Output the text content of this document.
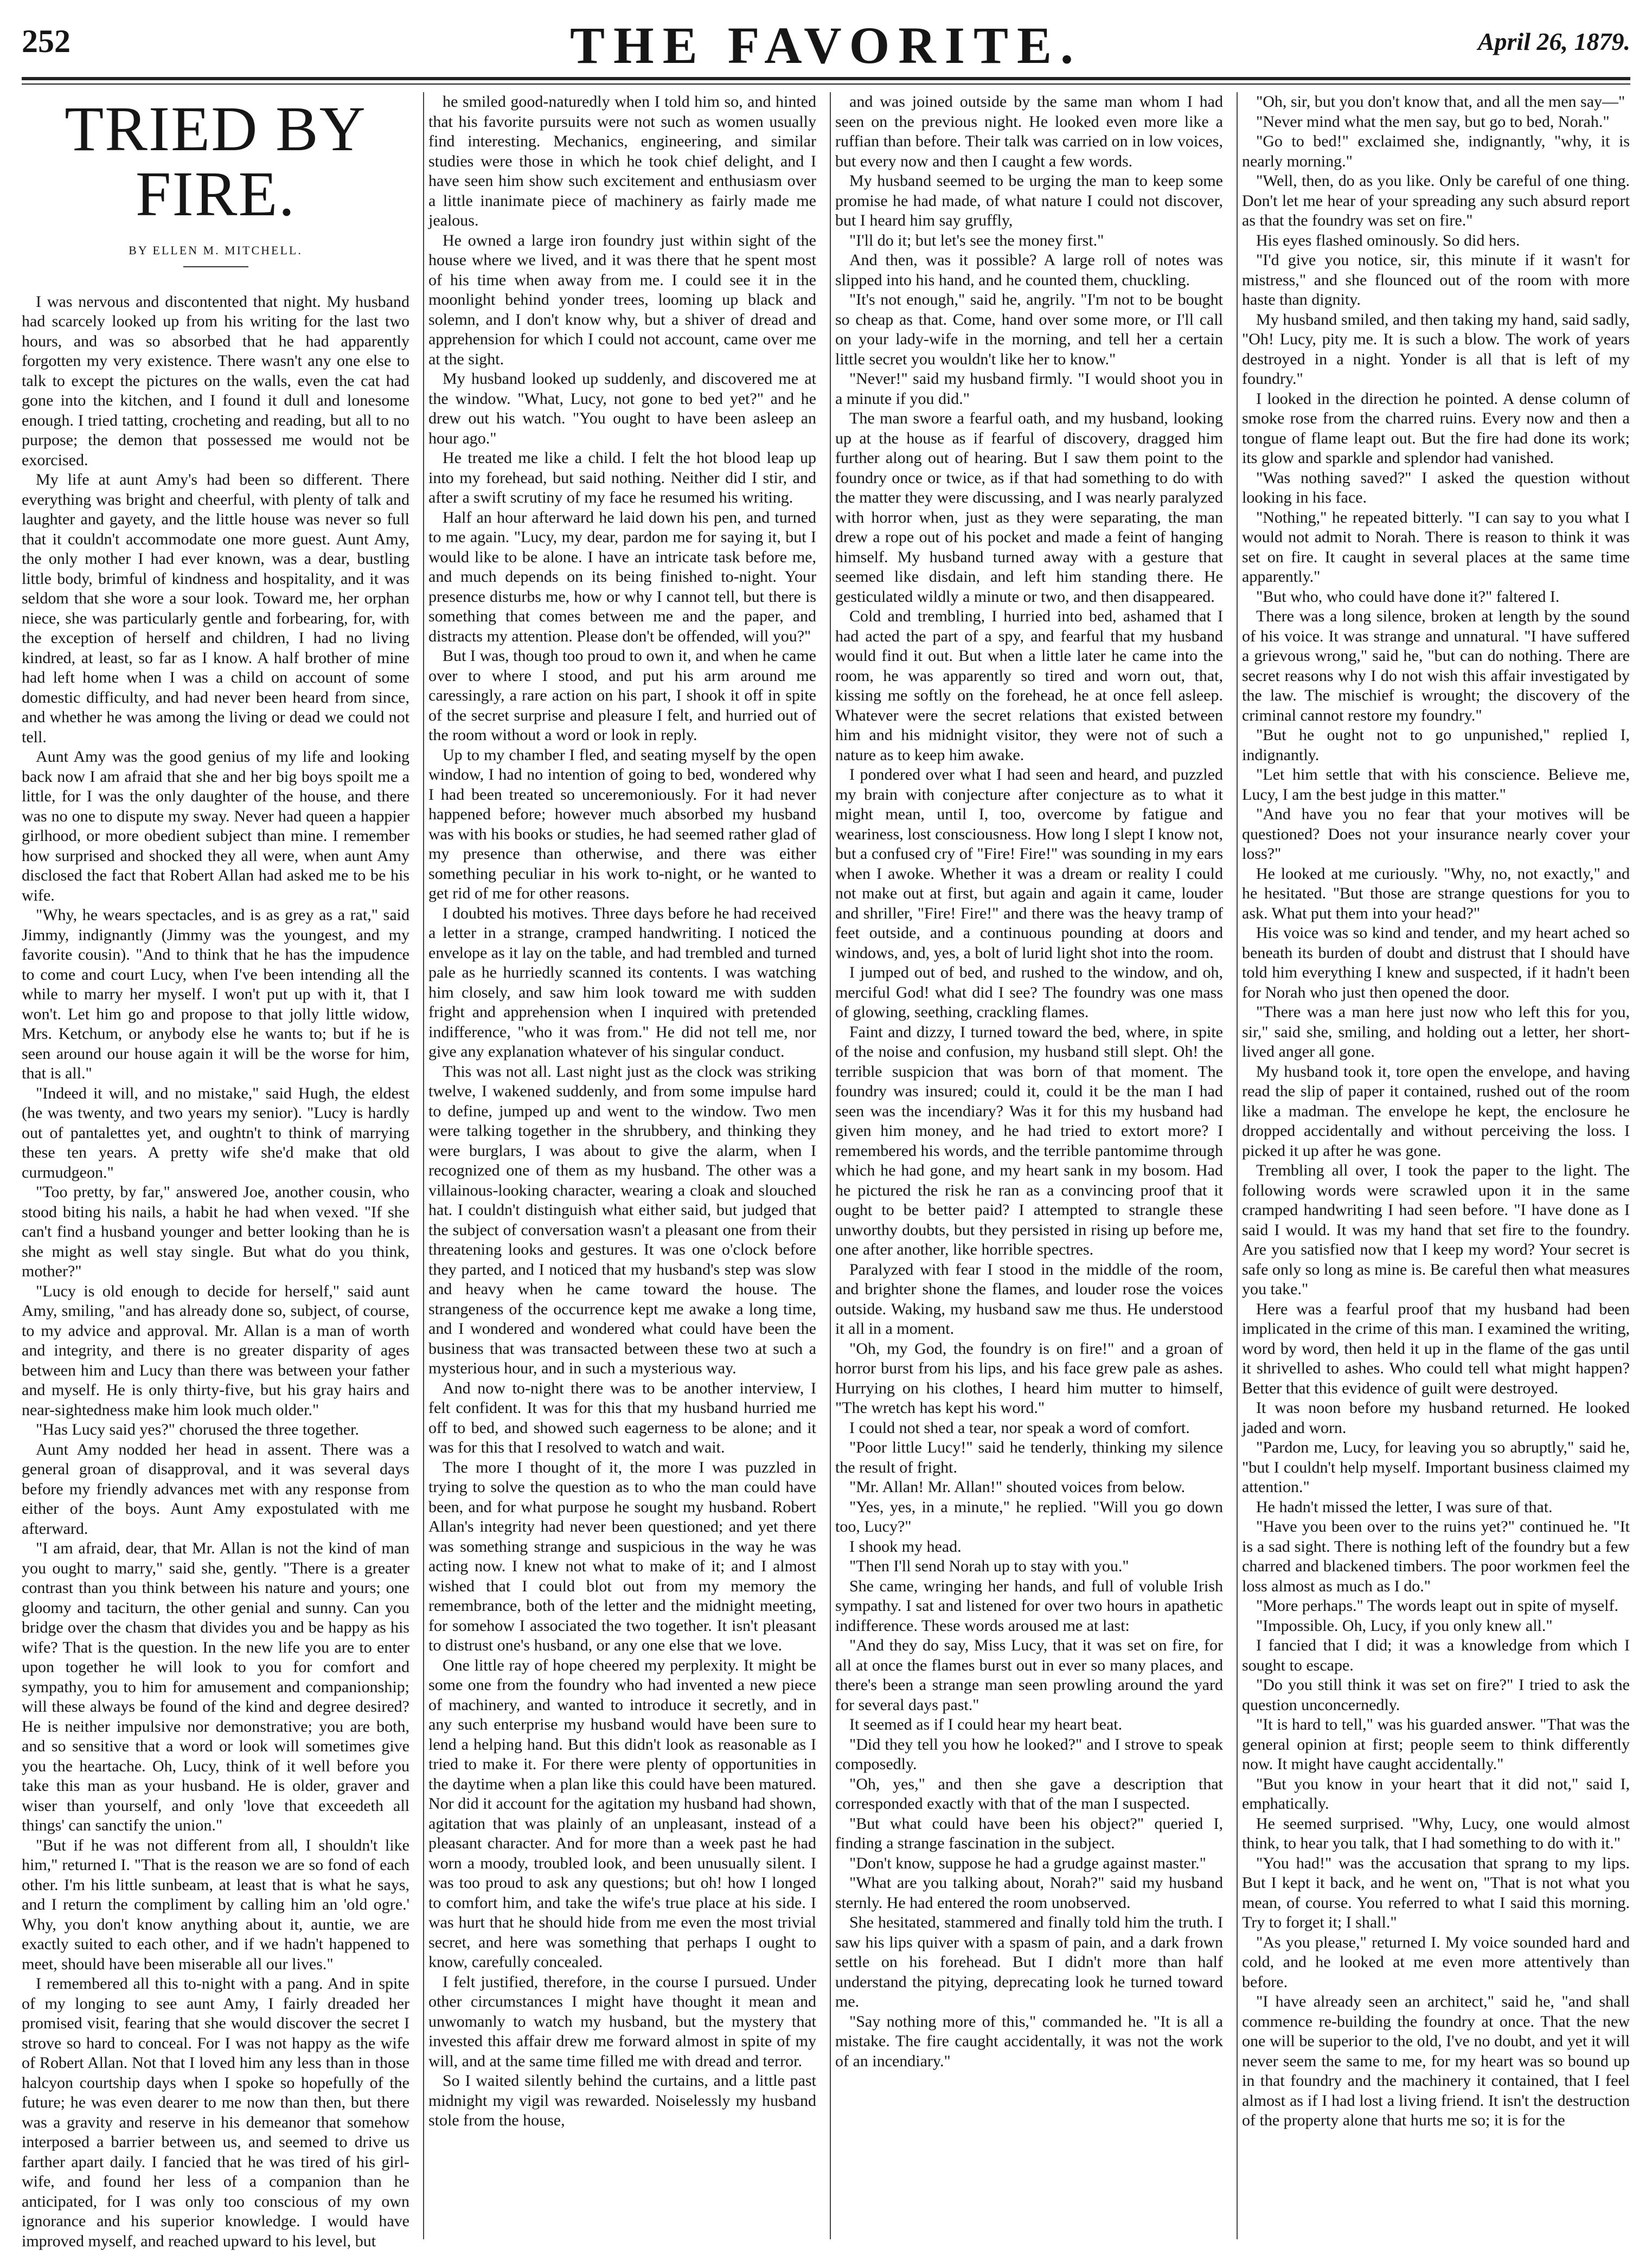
252	THE FAVORITE.	April 26, 1879.
TRIED BY FIRE.
BY ELLEN M. MITCHELL.

I was nervous and discontented that night. My husband had scarcely looked up from his writing for the last two hours, and was so absorbed that he had apparently forgotten my very existence. There wasn't any one else to talk to except the pictures on the walls, even the cat had gone into the kitchen, and I found it dull and lonesome enough. I tried tatting, crocheting and reading, but all to no purpose; the demon that possessed me would not be exorcised.

My life at aunt Amy's had been so different. There everything was bright and cheerful, with plenty of talk and laughter and gayety, and the little house was never so full that it couldn't accommodate one more guest. Aunt Amy, the only mother I had ever known, was a dear, bustling little body, brimful of kindness and hospitality, and it was seldom that she wore a sour look. Toward me, her orphan niece, she was particularly gentle and forbearing, for, with the exception of herself and children, I had no living kindred, at least, so far as I know. A half brother of mine had left home when I was a child on account of some domestic difficulty, and had never been heard from since, and whether he was among the living or dead we could not tell.

Aunt Amy was the good genius of my life and looking back now I am afraid that she and her big boys spoilt me a little, for I was the only daughter of the house, and there was no one to dispute my sway. Never had queen a happier girlhood, or more obedient subject than mine. I remember how surprised and shocked they all were, when aunt Amy disclosed the fact that Robert Allan had asked me to be his wife.

"Why, he wears spectacles, and is as grey as a rat," said Jimmy, indignantly (Jimmy was the youngest, and my favorite cousin). "And to think that he has the impudence to come and court Lucy, when I've been intending all the while to marry her myself. I won't put up with it, that I won't. Let him go and propose to that jolly little widow, Mrs. Ketchum, or anybody else he wants to; but if he is seen around our house again it will be the worse for him, that is all."

"Indeed it will, and no mistake," said Hugh, the eldest (he was twenty, and two years my senior). "Lucy is hardly out of pantalettes yet, and oughtn't to think of marrying these ten years. A pretty wife she'd make that old curmudgeon."

"Too pretty, by far," answered Joe, another cousin, who stood biting his nails, a habit he had when vexed. "If she can't find a husband younger and better looking than he is she might as well stay single. But what do you think, mother?"

"Lucy is old enough to decide for herself," said aunt Amy, smiling, "and has already done so, subject, of course, to my advice and approval. Mr. Allan is a man of worth and integrity, and there is no greater disparity of ages between him and Lucy than there was between your father and myself. He is only thirty-five, but his gray hairs and near-sightedness make him look much older."

"Has Lucy said yes?" chorused the three together.

Aunt Amy nodded her head in assent. There was a general groan of disapproval, and it was several days before my friendly advances met with any response from either of the boys. Aunt Amy expostulated with me afterward.

"I am afraid, dear, that Mr. Allan is not the kind of man you ought to marry," said she, gently. "There is a greater contrast than you think between his nature and yours; one gloomy and taciturn, the other genial and sunny. Can you bridge over the chasm that divides you and be happy as his wife? That is the question. In the new life you are to enter upon together he will look to you for comfort and sympathy, you to him for amusement and companionship; will these always be found of the kind and degree desired? He is neither impulsive nor demonstrative; you are both, and so sensitive that a word or look will sometimes give you the heartache. Oh, Lucy, think of it well before you take this man as your husband. He is older, graver and wiser than yourself, and only 'love that exceedeth all things' can sanctify the union."

"But if he was not different from all, I shouldn't like him," returned I. "That is the reason we are so fond of each other. I'm his little sunbeam, at least that is what he says, and I return the compliment by calling him an 'old ogre.' Why, you don't know anything about it, auntie, we are exactly suited to each other, and if we hadn't happened to meet, should have been miserable all our lives."

I remembered all this to-night with a pang. And in spite of my longing to see aunt Amy, I fairly dreaded her promised visit, fearing that she would discover the secret I strove so hard to conceal. For I was not happy as the wife of Robert Allan. Not that I loved him any less than in those halcyon courtship days when I spoke so hopefully of the future; he was even dearer to me now than then, but there was a gravity and reserve in his demeanor that somehow interposed a barrier between us, and seemed to drive us farther apart daily. I fancied that he was tired of his girl-wife, and found her less of a companion than he anticipated, for I was only too conscious of my own ignorance and his superior knowledge. I would have improved myself, and reached upward to his level, but

he smiled good-naturedly when I told him so, and hinted that his favorite pursuits were not such as women usually find interesting. Mechanics, engineering, and similar studies were those in which he took chief delight, and I have seen him show such excitement and enthusiasm over a little inanimate piece of machinery as fairly made me jealous.

He owned a large iron foundry just within sight of the house where we lived, and it was there that he spent most of his time when away from me. I could see it in the moonlight behind yonder trees, looming up black and solemn, and I don't know why, but a shiver of dread and apprehension for which I could not account, came over me at the sight.

My husband looked up suddenly, and discovered me at the window. "What, Lucy, not gone to bed yet?" and he drew out his watch. "You ought to have been asleep an hour ago."

He treated me like a child. I felt the hot blood leap up into my forehead, but said nothing. Neither did I stir, and after a swift scrutiny of my face he resumed his writing.

Half an hour afterward he laid down his pen, and turned to me again. "Lucy, my dear, pardon me for saying it, but I would like to be alone. I have an intricate task before me, and much depends on its being finished to-night. Your presence disturbs me, how or why I cannot tell, but there is something that comes between me and the paper, and distracts my attention. Please don't be offended, will you?"

But I was, though too proud to own it, and when he came over to where I stood, and put his arm around me caressingly, a rare action on his part, I shook it off in spite of the secret surprise and pleasure I felt, and hurried out of the room without a word or look in reply.

Up to my chamber I fled, and seating myself by the open window, I had no intention of going to bed, wondered why I had been treated so unceremoniously. For it had never happened before; however much absorbed my husband was with his books or studies, he had seemed rather glad of my presence than otherwise, and there was either something peculiar in his work to-night, or he wanted to get rid of me for other reasons.

I doubted his motives. Three days before he had received a letter in a strange, cramped handwriting. I noticed the envelope as it lay on the table, and had trembled and turned pale as he hurriedly scanned its contents. I was watching him closely, and saw him look toward me with sudden fright and apprehension when I inquired with pretended indifference, "who it was from." He did not tell me, nor give any explanation whatever of his singular conduct.

This was not all. Last night just as the clock was striking twelve, I wakened suddenly, and from some impulse hard to define, jumped up and went to the window. Two men were talking together in the shrubbery, and thinking they were burglars, I was about to give the alarm, when I recognized one of them as my husband. The other was a villainous-looking character, wearing a cloak and slouched hat. I couldn't distinguish what either said, but judged that the subject of conversation wasn't a pleasant one from their threatening looks and gestures. It was one o'clock before they parted, and I noticed that my husband's step was slow and heavy when he came toward the house. The strangeness of the occurrence kept me awake a long time, and I wondered and wondered what could have been the business that was transacted between these two at such a mysterious hour, and in such a mysterious way.

And now to-night there was to be another interview, I felt confident. It was for this that my husband hurried me off to bed, and showed such eagerness to be alone; and it was for this that I resolved to watch and wait.

The more I thought of it, the more I was puzzled in trying to solve the question as to who the man could have been, and for what purpose he sought my husband. Robert Allan's integrity had never been questioned; and yet there was something strange and suspicious in the way he was acting now. I knew not what to make of it; and I almost wished that I could blot out from my memory the remembrance, both of the letter and the midnight meeting, for somehow I associated the two together. It isn't pleasant to distrust one's husband, or any one else that we love.

One little ray of hope cheered my perplexity. It might be some one from the foundry who had invented a new piece of machinery, and wanted to introduce it secretly, and in any such enterprise my husband would have been sure to lend a helping hand. But this didn't look as reasonable as I tried to make it. For there were plenty of opportunities in the daytime when a plan like this could have been matured. Nor did it account for the agitation my husband had shown, agitation that was plainly of an unpleasant, instead of a pleasant character. And for more than a week past he had worn a moody, troubled look, and been unusually silent. I was too proud to ask any questions; but oh! how I longed to comfort him, and take the wife's true place at his side. I was hurt that he should hide from me even the most trivial secret, and here was something that perhaps I ought to know, carefully concealed.

I felt justified, therefore, in the course I pursued. Under other circumstances I might have thought it mean and unwomanly to watch my husband, but the mystery that invested this affair drew me forward almost in spite of my will, and at the same time filled me with dread and terror.

So I waited silently behind the curtains, and a little past midnight my vigil was rewarded. Noiselessly my husband stole from the house,

and was joined outside by the same man whom I had seen on the previous night. He looked even more like a ruffian than before. Their talk was carried on in low voices, but every now and then I caught a few words.

My husband seemed to be urging the man to keep some promise he had made, of what nature I could not discover, but I heard him say gruffly,

"I'll do it; but let's see the money first."

And then, was it possible? A large roll of notes was slipped into his hand, and he counted them, chuckling.

"It's not enough," said he, angrily. "I'm not to be bought so cheap as that. Come, hand over some more, or I'll call on your lady-wife in the morning, and tell her a certain little secret you wouldn't like her to know."

"Never!" said my husband firmly. "I would shoot you in a minute if you did."

The man swore a fearful oath, and my husband, looking up at the house as if fearful of discovery, dragged him further along out of hearing. But I saw them point to the foundry once or twice, as if that had something to do with the matter they were discussing, and I was nearly paralyzed with horror when, just as they were separating, the man drew a rope out of his pocket and made a feint of hanging himself. My husband turned away with a gesture that seemed like disdain, and left him standing there. He gesticulated wildly a minute or two, and then disappeared.

Cold and trembling, I hurried into bed, ashamed that I had acted the part of a spy, and fearful that my husband would find it out. But when a little later he came into the room, he was apparently so tired and worn out, that, kissing me softly on the forehead, he at once fell asleep. Whatever were the secret relations that existed between him and his midnight visitor, they were not of such a nature as to keep him awake.

I pondered over what I had seen and heard, and puzzled my brain with conjecture after conjecture as to what it might mean, until I, too, overcome by fatigue and weariness, lost consciousness. How long I slept I know not, but a confused cry of "Fire! Fire!" was sounding in my ears when I awoke. Whether it was a dream or reality I could not make out at first, but again and again it came, louder and shriller, "Fire! Fire!" and there was the heavy tramp of feet outside, and a continuous pounding at doors and windows, and, yes, a bolt of lurid light shot into the room.

I jumped out of bed, and rushed to the window, and oh, merciful God! what did I see? The foundry was one mass of glowing, seething, crackling flames.

Faint and dizzy, I turned toward the bed, where, in spite of the noise and confusion, my husband still slept. Oh! the terrible suspicion that was born of that moment. The foundry was insured; could it, could it be the man I had seen was the incendiary? Was it for this my husband had given him money, and he had tried to extort more? I remembered his words, and the terrible pantomime through which he had gone, and my heart sank in my bosom. Had he pictured the risk he ran as a convincing proof that it ought to be better paid? I attempted to strangle these unworthy doubts, but they persisted in rising up before me, one after another, like horrible spectres.

Paralyzed with fear I stood in the middle of the room, and brighter shone the flames, and louder rose the voices outside. Waking, my husband saw me thus. He understood it all in a moment.

"Oh, my God, the foundry is on fire!" and a groan of horror burst from his lips, and his face grew pale as ashes. Hurrying on his clothes, I heard him mutter to himself, "The wretch has kept his word."

I could not shed a tear, nor speak a word of comfort.

"Poor little Lucy!" said he tenderly, thinking my silence the result of fright.

"Mr. Allan! Mr. Allan!" shouted voices from below.

"Yes, yes, in a minute," he replied. "Will you go down too, Lucy?"

I shook my head.

"Then I'll send Norah up to stay with you."

She came, wringing her hands, and full of voluble Irish sympathy. I sat and listened for over two hours in apathetic indifference. These words aroused me at last:

"And they do say, Miss Lucy, that it was set on fire, for all at once the flames burst out in ever so many places, and there's been a strange man seen prowling around the yard for several days past."

It seemed as if I could hear my heart beat.

"Did they tell you how he looked?" and I strove to speak composedly.

"Oh, yes," and then she gave a description that corresponded exactly with that of the man I suspected.

"But what could have been his object?" queried I, finding a strange fascination in the subject.

"Don't know, suppose he had a grudge against master."

"What are you talking about, Norah?" said my husband sternly. He had entered the room unobserved.

She hesitated, stammered and finally told him the truth. I saw his lips quiver with a spasm of pain, and a dark frown settle on his forehead. But I didn't more than half understand the pitying, deprecating look he turned toward me.

"Say nothing more of this," commanded he. "It is all a mistake. The fire caught accidentally, it was not the work of an incendiary."

"Oh, sir, but you don't know that, and all the men say—"

"Never mind what the men say, but go to bed, Norah."

"Go to bed!" exclaimed she, indignantly, "why, it is nearly morning."

"Well, then, do as you like. Only be careful of one thing. Don't let me hear of your spreading any such absurd report as that the foundry was set on fire."

His eyes flashed ominously. So did hers.

"I'd give you notice, sir, this minute if it wasn't for mistress," and she flounced out of the room with more haste than dignity.

My husband smiled, and then taking my hand, said sadly, "Oh! Lucy, pity me. It is such a blow. The work of years destroyed in a night. Yonder is all that is left of my foundry."

I looked in the direction he pointed. A dense column of smoke rose from the charred ruins. Every now and then a tongue of flame leapt out. But the fire had done its work; its glow and sparkle and splendor had vanished.

"Was nothing saved?" I asked the question without looking in his face.

"Nothing," he repeated bitterly. "I can say to you what I would not admit to Norah. There is reason to think it was set on fire. It caught in several places at the same time apparently."

"But who, who could have done it?" faltered I.

There was a long silence, broken at length by the sound of his voice. It was strange and unnatural. "I have suffered a grievous wrong," said he, "but can do nothing. There are secret reasons why I do not wish this affair investigated by the law. The mischief is wrought; the discovery of the criminal cannot restore my foundry."

"But he ought not to go unpunished," replied I, indignantly.

"Let him settle that with his conscience. Believe me, Lucy, I am the best judge in this matter."

"And have you no fear that your motives will be questioned? Does not your insurance nearly cover your loss?"

He looked at me curiously. "Why, no, not exactly," and he hesitated. "But those are strange questions for you to ask. What put them into your head?"

His voice was so kind and tender, and my heart ached so beneath its burden of doubt and distrust that I should have told him everything I knew and suspected, if it hadn't been for Norah who just then opened the door.

"There was a man here just now who left this for you, sir," said she, smiling, and holding out a letter, her short-lived anger all gone.

My husband took it, tore open the envelope, and having read the slip of paper it contained, rushed out of the room like a madman. The envelope he kept, the enclosure he dropped accidentally and without perceiving the loss. I picked it up after he was gone.

Trembling all over, I took the paper to the light. The following words were scrawled upon it in the same cramped handwriting I had seen before. "I have done as I said I would. It was my hand that set fire to the foundry. Are you satisfied now that I keep my word? Your secret is safe only so long as mine is. Be careful then what measures you take."

Here was a fearful proof that my husband had been implicated in the crime of this man. I examined the writing, word by word, then held it up in the flame of the gas until it shrivelled to ashes. Who could tell what might happen? Better that this evidence of guilt were destroyed.

It was noon before my husband returned. He looked jaded and worn.

"Pardon me, Lucy, for leaving you so abruptly," said he, "but I couldn't help myself. Important business claimed my attention."

He hadn't missed the letter, I was sure of that.

"Have you been over to the ruins yet?" continued he. "It is a sad sight. There is nothing left of the foundry but a few charred and blackened timbers. The poor workmen feel the loss almost as much as I do."

"More perhaps." The words leapt out in spite of myself.

"Impossible. Oh, Lucy, if you only knew all."

I fancied that I did; it was a knowledge from which I sought to escape.

"Do you still think it was set on fire?" I tried to ask the question unconcernedly.

"It is hard to tell," was his guarded answer. "That was the general opinion at first; people seem to think differently now. It might have caught accidentally."

"But you know in your heart that it did not," said I, emphatically.

He seemed surprised. "Why, Lucy, one would almost think, to hear you talk, that I had something to do with it."

"You had!" was the accusation that sprang to my lips. But I kept it back, and he went on, "That is not what you mean, of course. You referred to what I said this morning. Try to forget it; I shall."

"As you please," returned I. My voice sounded hard and cold, and he looked at me even more attentively than before.

"I have already seen an architect," said he, "and shall commence re-building the foundry at once. That the new one will be superior to the old, I've no doubt, and yet it will never seem the same to me, for my heart was so bound up in that foundry and the machinery it contained, that I feel almost as if I had lost a living friend. It isn't the destruction of the property alone that hurts me so; it is for the
